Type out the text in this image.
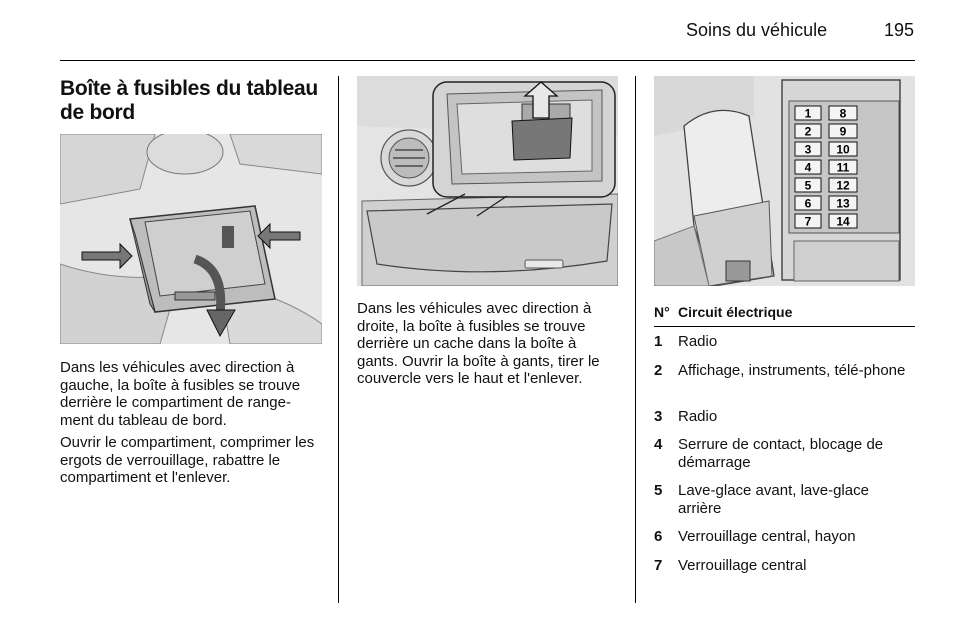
Soins du véhicule	195
Boîte à fusibles du tableau de bord
Dans les véhicules avec direction à gauche, la boîte à fusibles se trouve derrière le compartiment de range-ment du tableau de bord.
Ouvrir le compartiment, comprimer les ergots de verrouillage, rabattre le compartiment et l'enlever.
Dans les véhicules avec direction à droite, la boîte à fusibles se trouve derrière un cache dans la boîte à gants. Ouvrir la boîte à gants, tirer le couvercle vers le haut et l'enlever.
1 8
2 9
3 10
4 11
5 12
6 13
7 14
N° Circuit électrique
1 Radio
2 Affichage, instruments, télé-phone
3 Radio
4 Serrure de contact, blocage de démarrage
5 Lave-glace avant, lave-glace arrière
6 Verrouillage central, hayon
7 Verrouillage central
